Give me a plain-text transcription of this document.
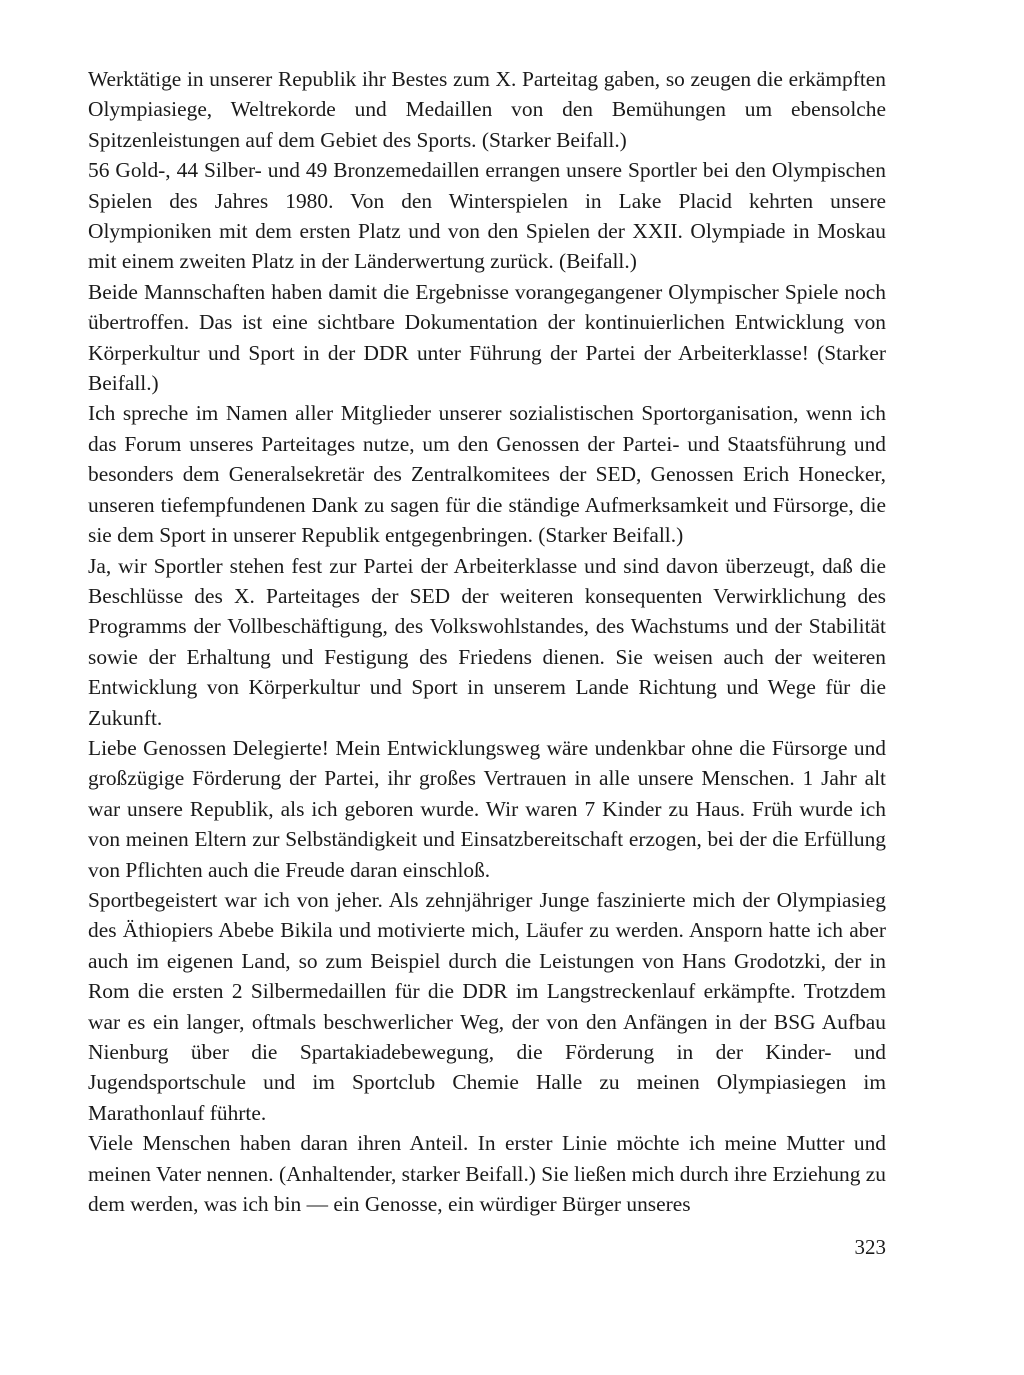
Werktätige in unserer Republik ihr Bestes zum X. Parteitag gaben, so zeugen die erkämpften Olympiasiege, Weltrekorde und Medaillen von den Bemühungen um ebensolche Spitzenleistungen auf dem Gebiet des Sports. (Starker Beifall.)

56 Gold-, 44 Silber- und 49 Bronzemedaillen errangen unsere Sportler bei den Olympischen Spielen des Jahres 1980. Von den Winterspielen in Lake Placid kehrten unsere Olympioniken mit dem ersten Platz und von den Spielen der XXII. Olympiade in Moskau mit einem zweiten Platz in der Länderwertung zurück. (Beifall.)

Beide Mannschaften haben damit die Ergebnisse vorangegangener Olympischer Spiele noch übertroffen. Das ist eine sichtbare Dokumentation der kontinuierlichen Entwicklung von Körperkultur und Sport in der DDR unter Führung der Partei der Arbeiterklasse! (Starker Beifall.)

Ich spreche im Namen aller Mitglieder unserer sozialistischen Sportorganisation, wenn ich das Forum unseres Parteitages nutze, um den Genossen der Partei- und Staatsführung und besonders dem Generalsekretär des Zentralkomitees der SED, Genossen Erich Honecker, unseren tiefempfundenen Dank zu sagen für die ständige Aufmerksamkeit und Fürsorge, die sie dem Sport in unserer Republik entgegenbringen. (Starker Beifall.)

Ja, wir Sportler stehen fest zur Partei der Arbeiterklasse und sind davon überzeugt, daß die Beschlüsse des X. Parteitages der SED der weiteren konsequenten Verwirklichung des Programms der Vollbeschäftigung, des Volkswohlstandes, des Wachstums und der Stabilität sowie der Erhaltung und Festigung des Friedens dienen. Sie weisen auch der weiteren Entwicklung von Körperkultur und Sport in unserem Lande Richtung und Wege für die Zukunft.

Liebe Genossen Delegierte! Mein Entwicklungsweg wäre undenkbar ohne die Fürsorge und großzügige Förderung der Partei, ihr großes Vertrauen in alle unsere Menschen. 1 Jahr alt war unsere Republik, als ich geboren wurde. Wir waren 7 Kinder zu Haus. Früh wurde ich von meinen Eltern zur Selbständigkeit und Einsatzbereitschaft erzogen, bei der die Erfüllung von Pflichten auch die Freude daran einschloß.

Sportbegeistert war ich von jeher. Als zehnjähriger Junge faszinierte mich der Olympiasieg des Äthiopiers Abebe Bikila und motivierte mich, Läufer zu werden. Ansporn hatte ich aber auch im eigenen Land, so zum Beispiel durch die Leistungen von Hans Grodotzki, der in Rom die ersten 2 Silbermedaillen für die DDR im Langstreckenlauf erkämpfte. Trotzdem war es ein langer, oftmals beschwerlicher Weg, der von den Anfängen in der BSG Aufbau Nienburg über die Spartakiadebewegung, die Förderung in der Kinder- und Jugendsportschule und im Sportclub Chemie Halle zu meinen Olympiasiegen im Marathonlauf führte.

Viele Menschen haben daran ihren Anteil. In erster Linie möchte ich meine Mutter und meinen Vater nennen. (Anhaltender, starker Beifall.) Sie ließen mich durch ihre Erziehung zu dem werden, was ich bin — ein Genosse, ein würdiger Bürger unseres

323
